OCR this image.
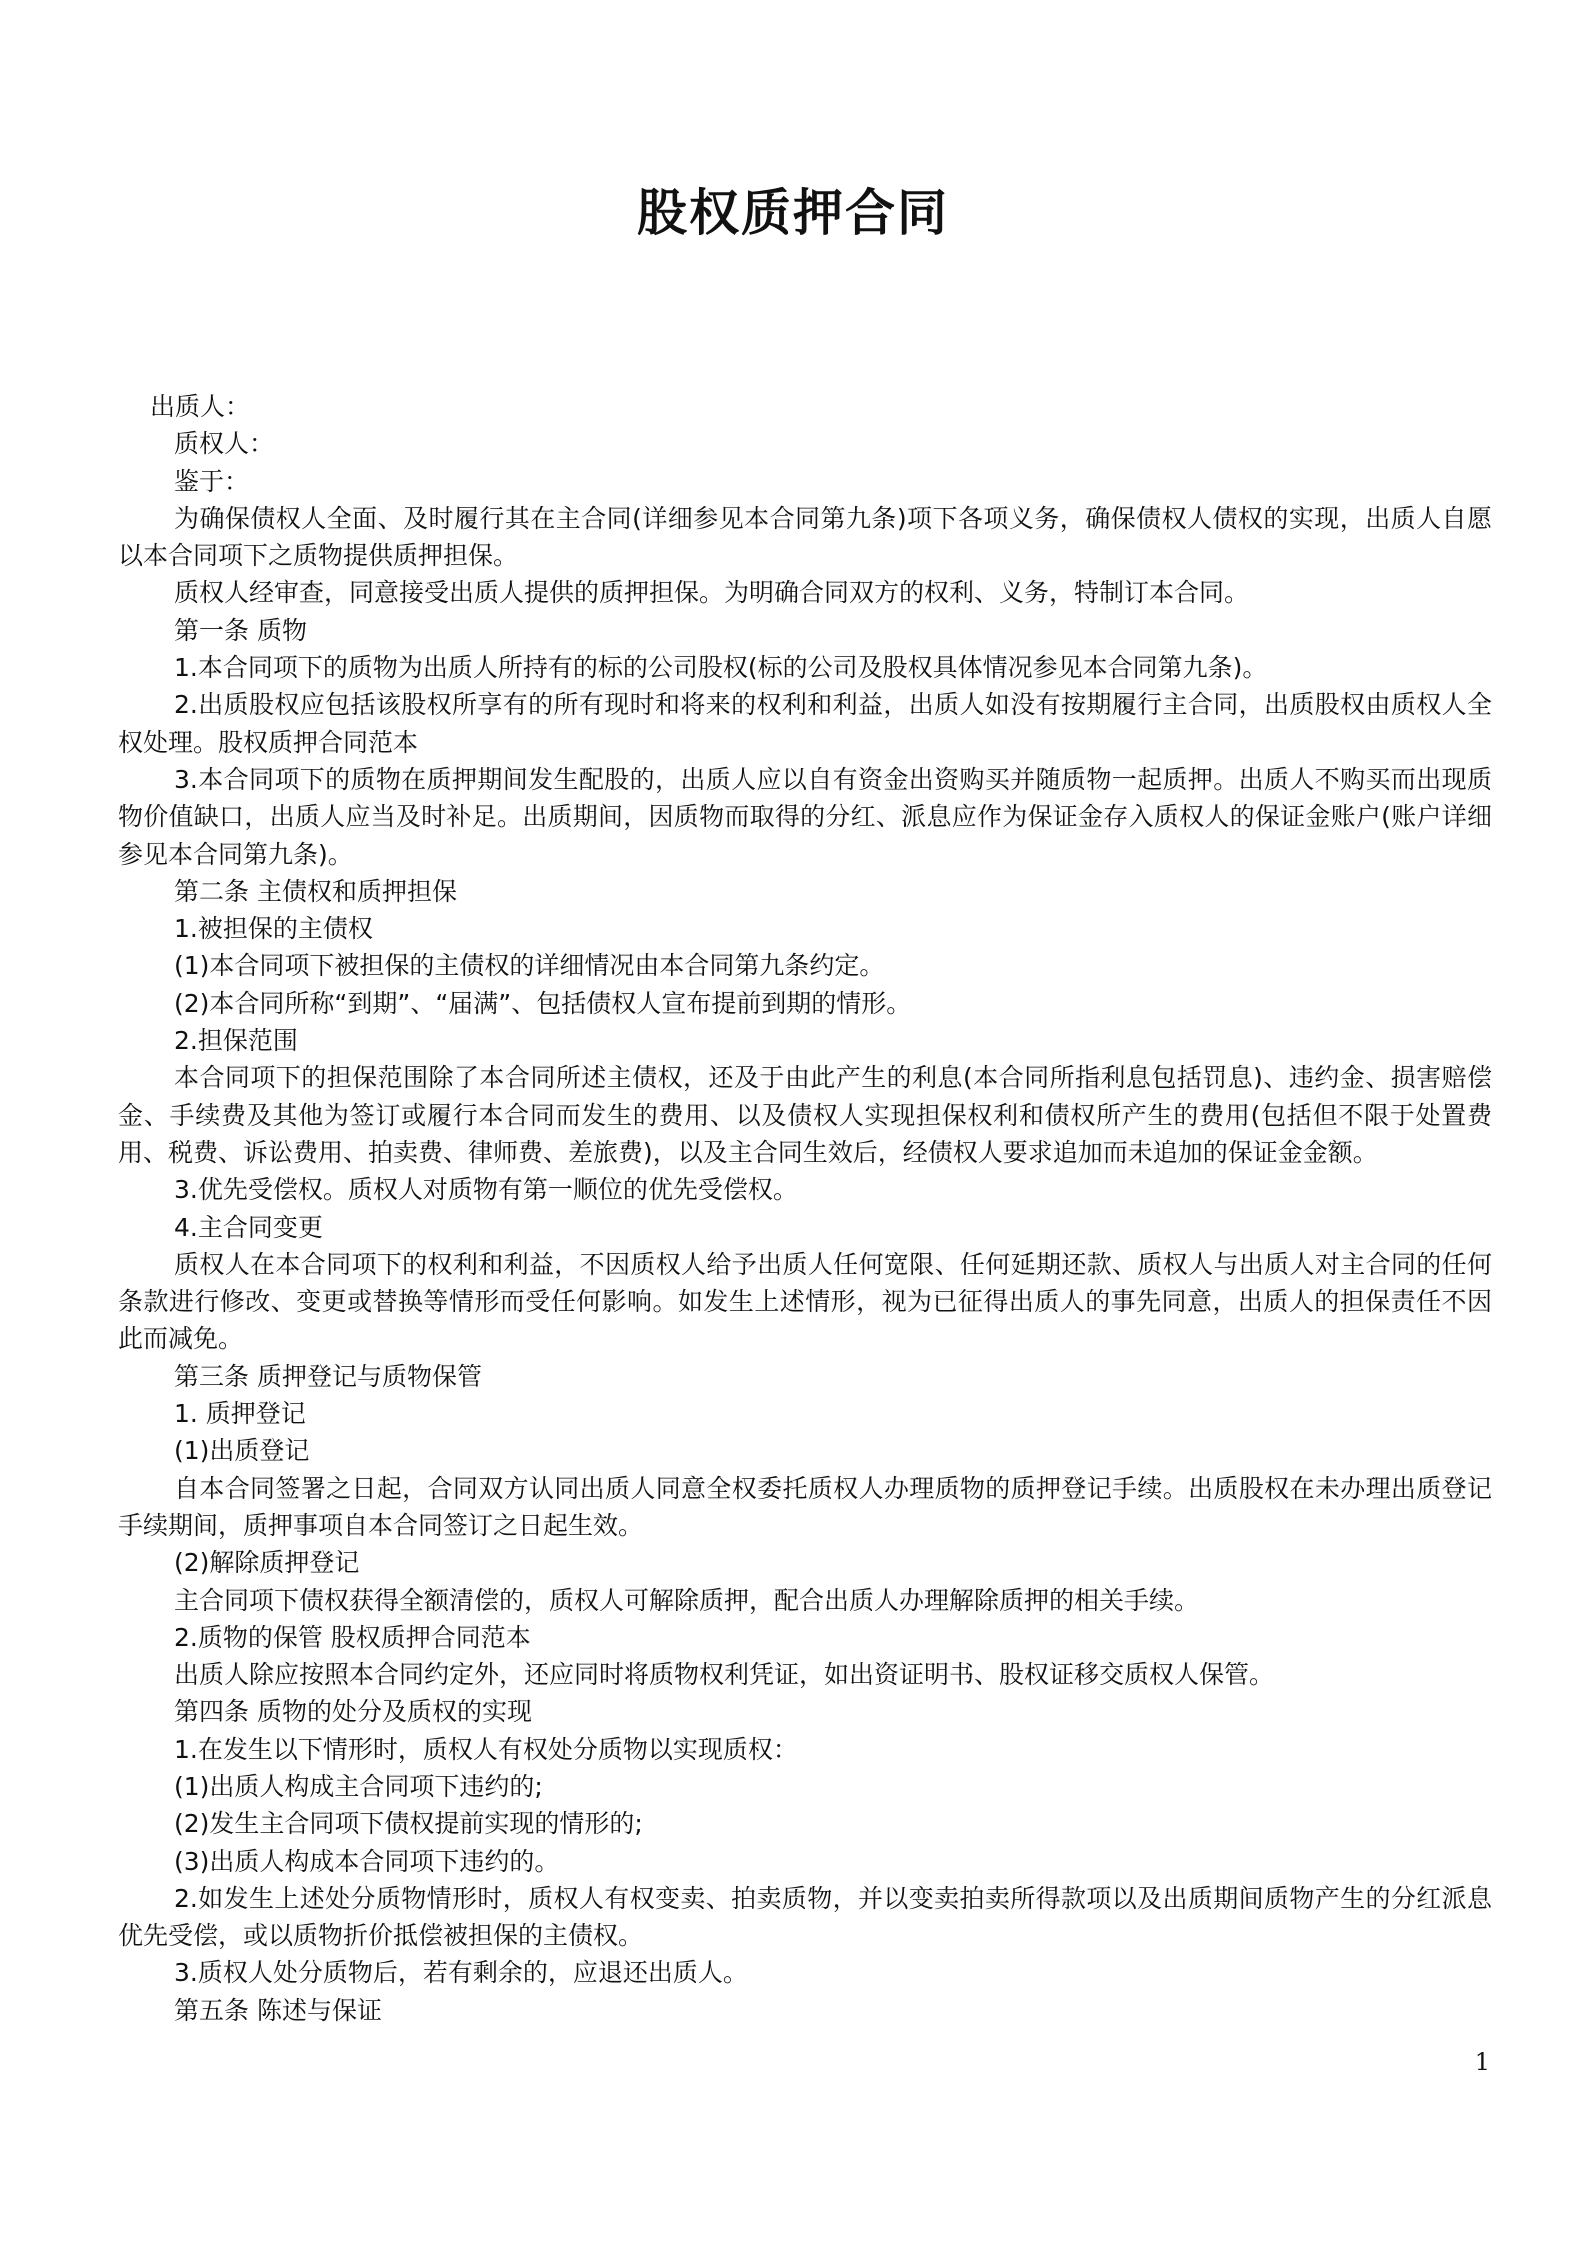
股权质押合同

出质人：

质权人：

鉴于：

为确保债权人全面、及时履行其在主合同(详细参见本合同第九条)项下各项义务，确保债权人债权的实现，出质人自愿以本合同项下之质物提供质押担保。

质权人经审查，同意接受出质人提供的质押担保。为明确合同双方的权利、义务，特制订本合同。

第一条 质物

1.本合同项下的质物为出质人所持有的标的公司股权(标的公司及股权具体情况参见本合同第九条)。

2.出质股权应包括该股权所享有的所有现时和将来的权利和利益，出质人如没有按期履行主合同，出质股权由质权人全权处理。股权质押合同范本

3.本合同项下的质物在质押期间发生配股的，出质人应以自有资金出资购买并随质物一起质押。出质人不购买而出现质物价值缺口，出质人应当及时补足。出质期间，因质物而取得的分红、派息应作为保证金存入质权人的保证金账户(账户详细参见本合同第九条)。

第二条 主债权和质押担保

1.被担保的主债权

(1)本合同项下被担保的主债权的详细情况由本合同第九条约定。

(2)本合同所称“到期”、“届满”、包括债权人宣布提前到期的情形。

2.担保范围

本合同项下的担保范围除了本合同所述主债权，还及于由此产生的利息(本合同所指利息包括罚息)、违约金、损害赔偿金、手续费及其他为签订或履行本合同而发生的费用、以及债权人实现担保权利和债权所产生的费用(包括但不限于处置费用、税费、诉讼费用、拍卖费、律师费、差旅费)，以及主合同生效后，经债权人要求追加而未追加的保证金金额。

3.优先受偿权。质权人对质物有第一顺位的优先受偿权。

4.主合同变更

质权人在本合同项下的权利和利益，不因质权人给予出质人任何宽限、任何延期还款、质权人与出质人对主合同的任何条款进行修改、变更或替换等情形而受任何影响。如发生上述情形，视为已征得出质人的事先同意，出质人的担保责任不因此而减免。

第三条 质押登记与质物保管

1. 质押登记

(1)出质登记

自本合同签署之日起，合同双方认同出质人同意全权委托质权人办理质物的质押登记手续。出质股权在未办理出质登记手续期间，质押事项自本合同签订之日起生效。

(2)解除质押登记

主合同项下债权获得全额清偿的，质权人可解除质押，配合出质人办理解除质押的相关手续。

2.质物的保管 股权质押合同范本

出质人除应按照本合同约定外，还应同时将质物权利凭证，如出资证明书、股权证移交质权人保管。

第四条 质物的处分及质权的实现

1.在发生以下情形时，质权人有权处分质物以实现质权：

(1)出质人构成主合同项下违约的;

(2)发生主合同项下债权提前实现的情形的;

(3)出质人构成本合同项下违约的。

2.如发生上述处分质物情形时，质权人有权变卖、拍卖质物，并以变卖拍卖所得款项以及出质期间质物产生的分红派息优先受偿，或以质物折价抵偿被担保的主债权。

3.质权人处分质物后，若有剩余的，应退还出质人。

第五条 陈述与保证

1
